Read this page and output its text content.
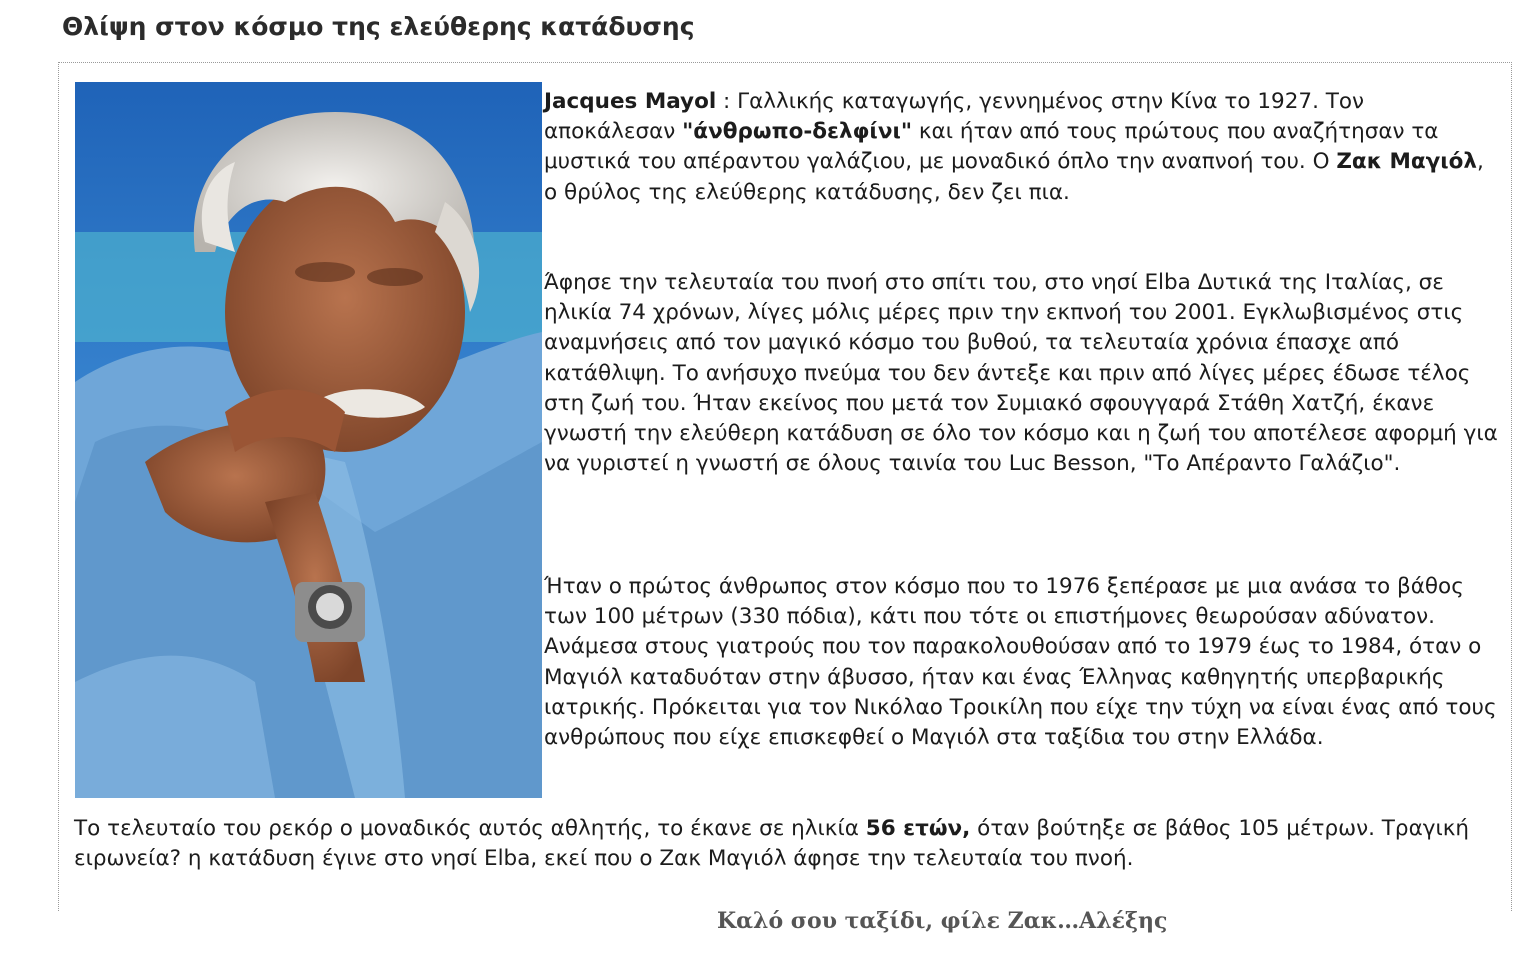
Θλίψη στον κόσμο της ελεύθερης κατάδυσης
Jacques Mayol : Γαλλικής καταγωγής, γεννημένος στην Κίνα το 1927. Τον αποκάλεσαν "άνθρωπο-δελφίνι" και ήταν από τους πρώτους που αναζήτησαν τα μυστικά του απέραντου γαλάζιου, με μοναδικό όπλο την αναπνοή του. Ο Ζακ Μαγιόλ, ο θρύλος της ελεύθερης κατάδυσης, δεν ζει πια.
Άφησε την τελευταία του πνοή στο σπίτι του, στο νησί Elba Δυτικά της Ιταλίας, σε ηλικία 74 χρόνων, λίγες μόλις μέρες πριν την εκπνοή του 2001. Εγκλωβισμένος στις αναμνήσεις από τον μαγικό κόσμο του βυθού, τα τελευταία χρόνια έπασχε από κατάθλιψη. Το ανήσυχο πνεύμα του δεν άντεξε και πριν από λίγες μέρες έδωσε τέλος στη ζωή του. Ήταν εκείνος που μετά τον Συμιακό σφουγγαρά Στάθη Χατζή, έκανε γνωστή την ελεύθερη κατάδυση σε όλο τον κόσμο και η ζωή του αποτέλεσε αφορμή για να γυριστεί η γνωστή σε όλους ταινία του Luc Besson, "Το Απέραντο Γαλάζιο".
Ήταν ο πρώτος άνθρωπος στον κόσμο που το 1976 ξεπέρασε με μια ανάσα το βάθος των 100 μέτρων (330 πόδια), κάτι που τότε οι επιστήμονες θεωρούσαν αδύνατον. Ανάμεσα στους γιατρούς που τον παρακολουθούσαν από το 1979 έως το 1984, όταν ο Μαγιόλ καταδυόταν στην άβυσσο, ήταν και ένας Έλληνας καθηγητής υπερβαρικής ιατρικής. Πρόκειται για τον Νικόλαο Τροικίλη που είχε την τύχη να είναι ένας από τους ανθρώπους που είχε επισκεφθεί ο Μαγιόλ στα ταξίδια του στην Ελλάδα.
Το τελευταίο του ρεκόρ ο μοναδικός αυτός αθλητής, το έκανε σε ηλικία 56 ετών, όταν βούτηξε σε βάθος 105 μέτρων. Τραγική ειρωνεία? η κατάδυση έγινε στο νησί Elba, εκεί που ο Ζακ Μαγιόλ άφησε την τελευταία του πνοή.
Καλό σου ταξίδι, φίλε Ζακ…Αλέξης
